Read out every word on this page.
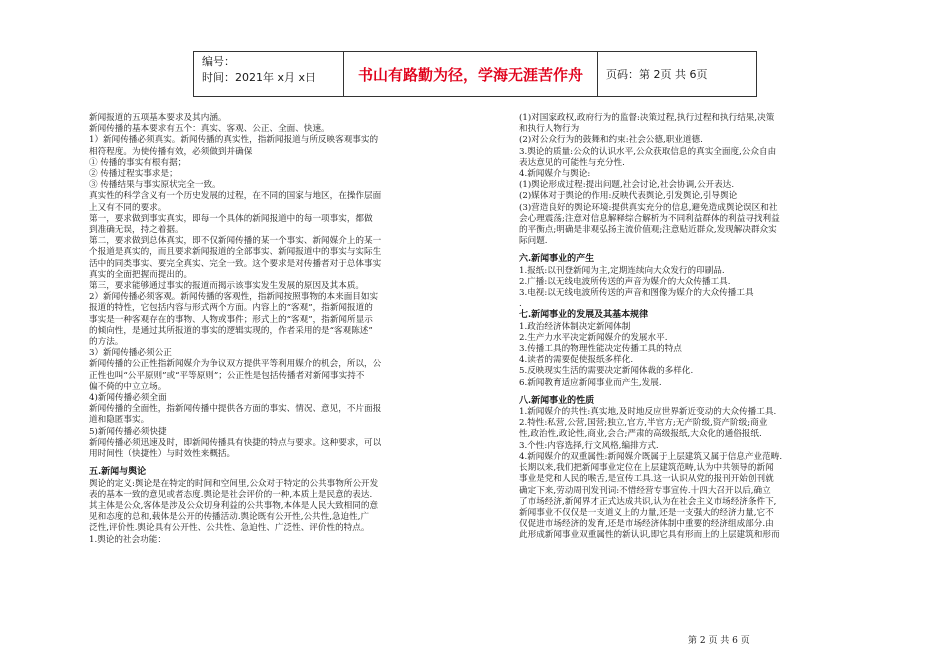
编号：
时间：2021年 x月 x日	书山有路勤为径，学海无涯苦作舟	页码：第 2页 共 6页

新闻报道的五项基本要求及其内涵。

新闻传播的基本要求有五个：真实、客观、公正、全面、快速。

1）新闻传播必须真实。新闻传播的真实性，指新闻报道与所反映客观事实的

相符程度。为使传播有效，必须做到并确保

① 传播的事实有根有据；

② 传播过程实事求是；

③ 传播结果与事实原状完全一致。

真实性的科学含义有一个历史发展的过程，在不同的国家与地区，在操作层面

上又有不同的要求。

第一，要求做到事实真实，即每一个具体的新闻报道中的每一项事实，都做

到准确无误，持之着据。

第二，要求做到总体真实，即不仅新闻传播的某一个事实、新闻媒介上的某一

个报道是真实的，而且要求新闻报道的全部事实、新闻报道中的事实与实际生

活中的同类事实、要完全真实、完全一致。这个要求是对传播者对于总体事实

真实的全面把握而提出的。

第三，要求能够通过事实的报道而揭示该事实发生发展的原因及其本质。

2）新闻传播必须客观。新闻传播的客观性，指新闻按照事物的本来面目如实

报道的特性，它包括内容与形式两个方面。内容上的“客观”，指新闻报道的

事实是一种客观存在的事物、人物或事件；形式上的“客观”，指新闻所显示

的倾向性，是通过其所报道的事实的逻辑实现的，作者采用的是“客观陈述”

的方法。

3）新闻传播必须公正

新闻传播的公正性指新闻媒介为争议双方提供平等利用媒介的机会，所以，公

正性也叫“公平原则”或“平等原则”；公正性是包括传播者对新闻事实持不

偏不倚的中立立场。

4)新闻传播必须全面

新闻传播的全面性，指新闻传播中提供各方面的事实、情况、意见，不片面报

道和隐匿事实。

5)新闻传播必须快捷

新闻传播必须迅速及时，即新闻传播具有快捷的特点与要求。这种要求，可以

用时间性（快捷性）与时效性来概括。

五.新闻与舆论

舆论的定义:舆论是在特定的时间和空间里,公众对于特定的公共事物所公开发

表的基本一致的意见或者态度.舆论是社会评价的一种,本质上是民意的表达.

其主体是公众,客体是涉及公众切身利益的公共事物,本体是人民大致相同的意

见和态度的总和,载体是公开的传播活动.舆论既有公开性,公共性,急迫性,广

泛性,评价性.舆论具有公开性、公共性、急迫性、广泛性、评价性的特点。

1.舆论的社会功能：

(1)对国家政权,政府行为的监督:决策过程,执行过程和执行结果,决策

和执行人物行为

(2)对公众行为的鼓舞和约束:社会公德,职业道德.

3.舆论的质量:公众的认识水平,公众获取信息的真实全面度,公众自由

表达意见的可能性与充分性.

4.新闻媒介与舆论:

(1)舆论形成过程:提出问题,社会讨论,社会协调,公开表达.

(2)媒体对于舆论的作用:反映代表舆论,引发舆论,引导舆论

(3)营造良好的舆论环境:提供真实充分的信息,避免造成舆论误区和社

会心理震荡;注意对信息解释综合解析为不同利益群体的利益寻找利益

的平衡点;明确是非观弘扬主流价值观;注意贴近群众,发现解决群众实

际问题.

六.新闻事业的产生

1.报纸:以刊登新闻为主,定期连续向大众发行的印刷品.

2.广播:以无线电波所传送的声音为媒介的大众传播工具.

3.电视:以无线电波所传送的声音和图像为媒介的大众传播工具

.

七.新闻事业的发展及其基本规律

1.政治经济体制决定新闻体制

2.生产力水平决定新闻媒介的发展水平.

3.传播工具的物理性能决定传播工具的特点

4.读者的需要促使报纸多样化.

5.反映现实生活的需要决定新闻体裁的多样化.

6.新闻教育适应新闻事业而产生,发展.

八.新闻事业的性质

1.新闻媒介的共性:真实地,及时地反应世界新近变动的大众传播工具.

2.特性:私营,公营,国营;独立,官方,半官方;无产阶级,资产阶级;商业

性,政治性,政论性,商业,会合;严肃的高级报纸,大众化的通俗报纸.

3.个性:内容选择,行文风格,编排方式.

4.新闻媒介的双重属性:新闻媒介既属于上层建筑又属于信息产业范畴.

长期以来,我们把新闻事业定位在上层建筑范畴,认为中共领导的新闻

事业是党和人民的喉舌,是宣传工具.这一认识从党的报刊开始创刊就

确定下来,劳动周刊发刊词:不惜经营专事宣传.十四大召开以后,确立

了市场经济,新闻界才正式达成共识,认为在社会主义市场经济条件下,

新闻事业不仅仅是一支道义上的力量,还是一支强大的经济力量,它不

仅促进市场经济的发育,还是市场经济体制中重要的经济组成部分.由

此形成新闻事业双重属性的新认识,即它具有形而上的上层建筑和形而

第 2 页 共 6 页
